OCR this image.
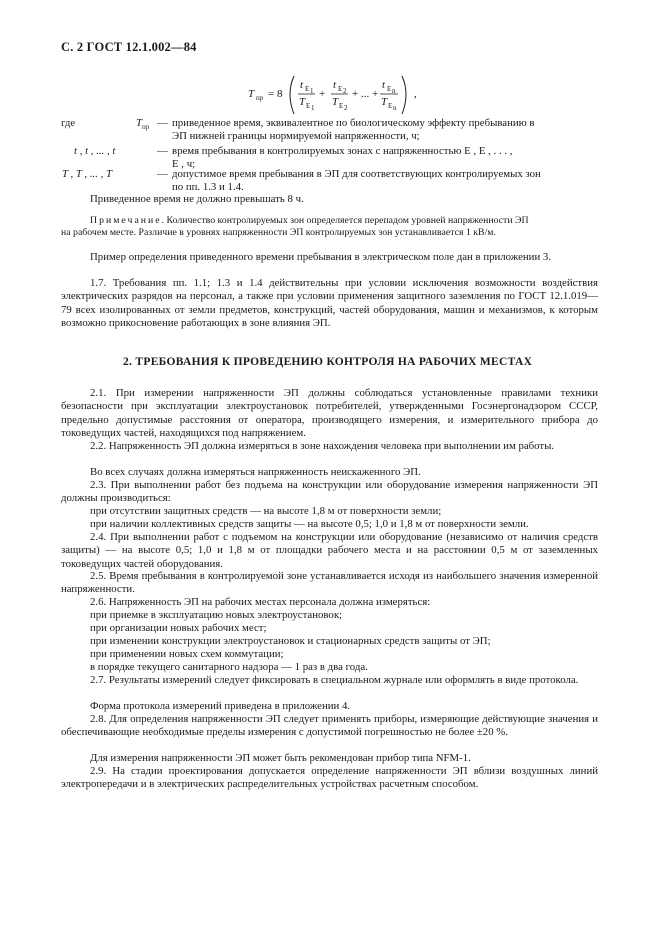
С. 2 ГОСТ 12.1.002—84
T пр = 8
t E 1
T E 1
+
t E 2
T E 2
+ ... +
t E n
T E n
,
где	$T_{пр}$ — приведенное время, эквивалентное по биологическому эффекту пребыванию в
ЭП нижней границы нормируемой напряженности, ч;
t , t , ... , t	— время пребывания в контролируемых зонах с напряженностью E , E , . . . ,
E , ч;
T , T , ... , T	— допустимое время пребывания в ЭП для соответствующих контролируемых зон
по пп. 1.3 и 1.4.

Приведенное время не должно превышать 8 ч.

Примечание. Количество контролируемых зон определяется перепадом уровней напряженности ЭП
на рабочем месте. Различие в уровнях напряженности ЭП контролируемых зон устанавливается 1 кВ/м.

Пример определения приведенного времени пребывания в электрическом поле дан в приложении 3.

1.7. Требования пп. 1.1; 1.3 и 1.4 действительны при условии исключения возможности воздействия электрических разрядов на персонал, а также при условии применения защитного заземления по ГОСТ 12.1.019—79 всех изолированных от земли предметов, конструкций, частей оборудования, машин и механизмов, к которым возможно прикосновение работающих в зоне влияния ЭП.

2. ТРЕБОВАНИЯ К ПРОВЕДЕНИЮ КОНТРОЛЯ НА РАБОЧИХ МЕСТАХ

2.1. При измерении напряженности ЭП должны соблюдаться установленные правилами техники безопасности при эксплуатации электроустановок потребителей, утвержденными Госэнергонадзором СССР, предельно допустимые расстояния от оператора, производящего измерения, и измерительного прибора до токоведущих частей, находящихся под напряжением.

2.2. Напряженность ЭП должна измеряться в зоне нахождения человека при выполнении им работы.

Во всех случаях должна измеряться напряженность неискаженного ЭП.

2.3. При выполнении работ без подъема на конструкции или оборудование измерения напряженности ЭП должны производиться:

при отсутствии защитных средств — на высоте 1,8 м от поверхности земли;

при наличии коллективных средств защиты — на высоте 0,5; 1,0 и 1,8 м от поверхности земли.

2.4. При выполнении работ с подъемом на конструкции или оборудование (независимо от наличия средств защиты) — на высоте 0,5; 1,0 и 1,8 м от площадки рабочего места и на расстоянии 0,5 м от заземленных токоведущих частей оборудования.

2.5. Время пребывания в контролируемой зоне устанавливается исходя из наибольшего значения измеренной напряженности.

2.6. Напряженность ЭП на рабочих местах персонала должна измеряться:

при приемке в эксплуатацию новых электроустановок;

при организации новых рабочих мест;

при изменении конструкции электроустановок и стационарных средств защиты от ЭП;

при применении новых схем коммутации;

в порядке текущего санитарного надзора — 1 раз в два года.

2.7. Результаты измерений следует фиксировать в специальном журнале или оформлять в виде протокола.

Форма протокола измерений приведена в приложении 4.

2.8. Для определения напряженности ЭП следует применять приборы, измеряющие действующие значения и обеспечивающие необходимые пределы измерения с допустимой погрешностью не более ±20 %.

Для измерения напряженности ЭП может быть рекомендован прибор типа NFM-1.

2.9. На стадии проектирования допускается определение напряженности ЭП вблизи воздушных линий электропередачи и в электрических распределительных устройствах расчетным способом.
